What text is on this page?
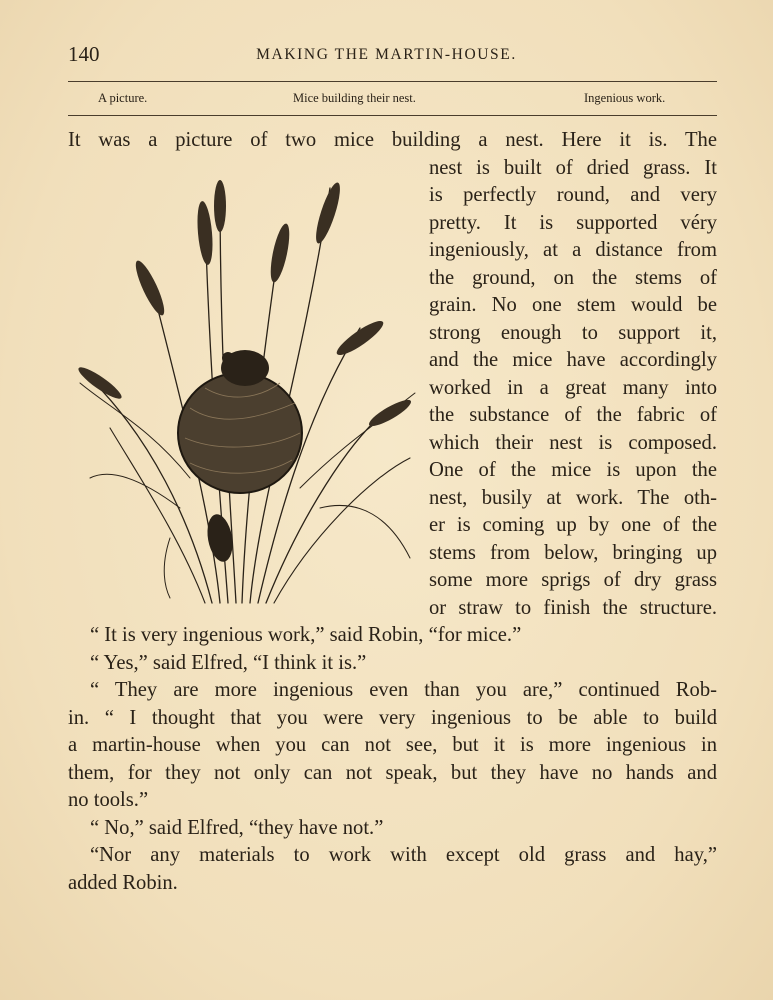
140	MAKING THE MARTIN-HOUSE.
A picture.	Mice building their nest.	Ingenious work.
It was a picture of two mice building a nest. Here it is. The
nest is built of dried grass. It
is perfectly round, and very
pretty. It is supported véry
ingeniously, at a distance from
the ground, on the stems of
grain. No one stem would be
strong enough to support it,
and the mice have accordingly
worked in a great many into
the substance of the fabric of
which their nest is composed.
One of the mice is upon the
nest, busily at work. The oth-
er is coming up by one of the
stems from below, bringing up
some more sprigs of dry grass
or straw to finish the structure.
“ It is very ingenious work,” said Robin, “for mice.”
“ Yes,” said Elfred, “I think it is.”
“ They are more ingenious even than you are,” continued Rob-
in. “ I thought that you were very ingenious to be able to build
a martin-house when you can not see, but it is more ingenious in
them, for they not only can not speak, but they have no hands and
no tools.”
“ No,” said Elfred, “they have not.”
“Nor any materials to work with except old grass and hay,”
added Robin.
